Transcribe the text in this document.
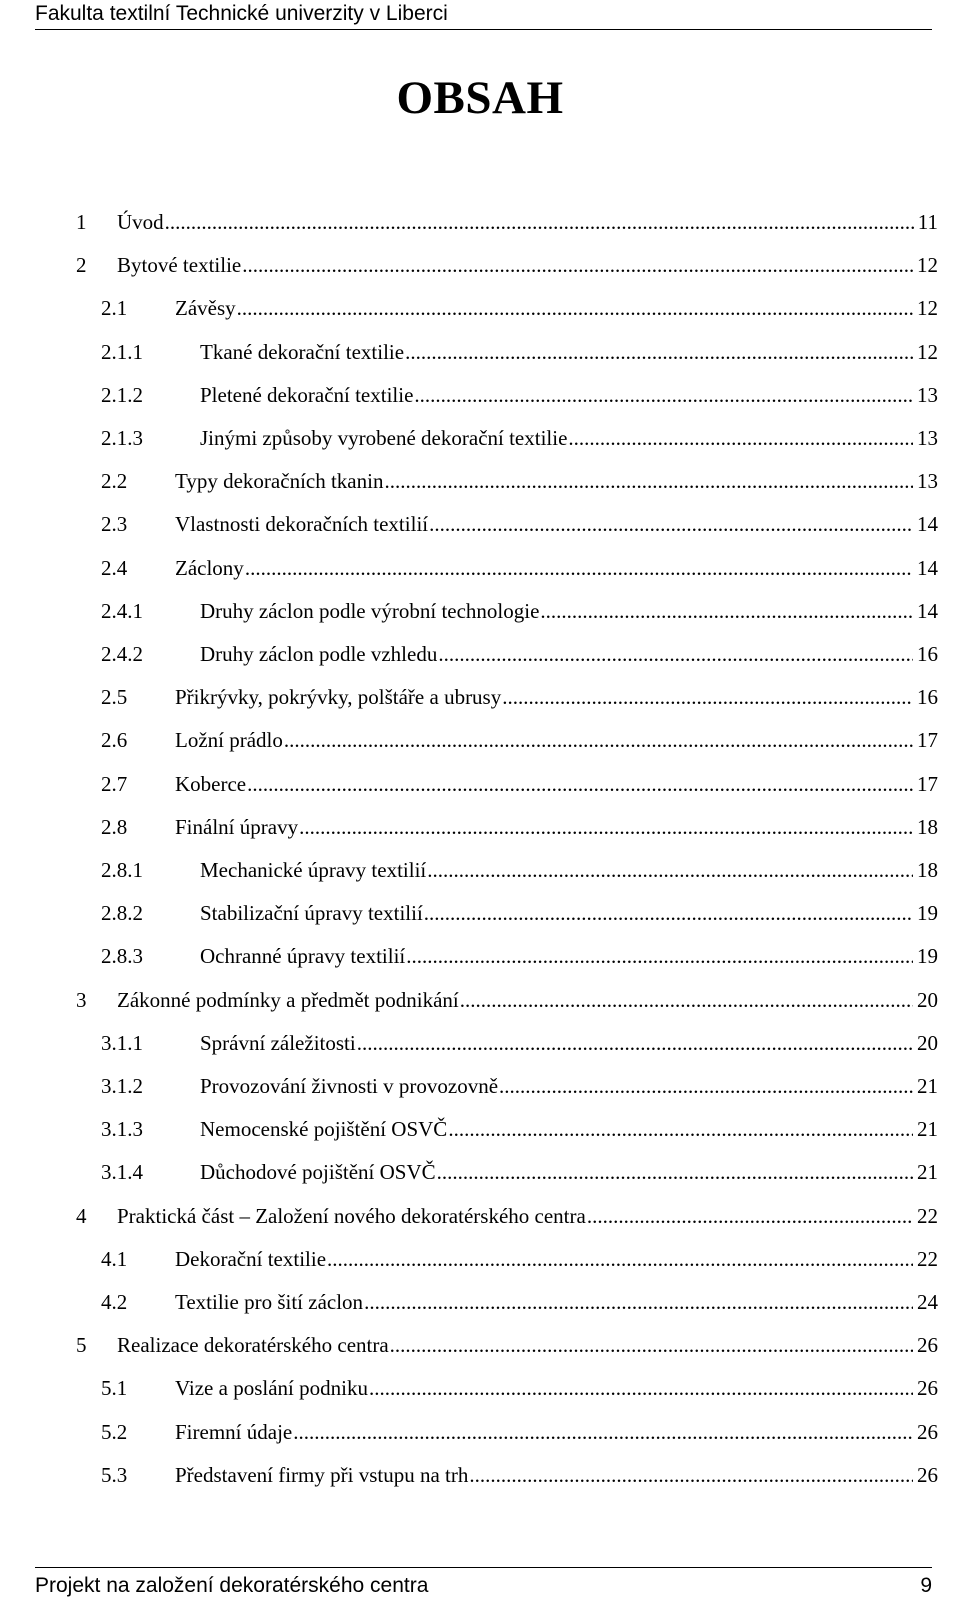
Fakulta textilní Technické univerzity v Liberci
OBSAH
1	Úvod .....	11
2	Bytové textilie .....	12
2.1	Závěsy .....	12
2.1.1	Tkané dekorační textilie .....	12
2.1.2	Pletené dekorační textilie .....	13
2.1.3	Jinými způsoby vyrobené dekorační textilie .....	13
2.2	Typy dekoračních tkanin .....	13
2.3	Vlastnosti dekoračních textilií .....	14
2.4	Záclony .....	14
2.4.1	Druhy záclon podle výrobní technologie .....	14
2.4.2	Druhy záclon podle vzhledu .....	16
2.5	Přikrývky, pokrývky, polštáře a ubrusy .....	16
2.6	Ložní prádlo .....	17
2.7	Koberce .....	17
2.8	Finální úpravy .....	18
2.8.1	Mechanické úpravy textilií .....	18
2.8.2	Stabilizační úpravy textilií .....	19
2.8.3	Ochranné úpravy textilií .....	19
3	Zákonné podmínky a předmět podnikání .....	20
3.1.1	Správní záležitosti .....	20
3.1.2	Provozování živnosti v provozovně .....	21
3.1.3	Nemocenské pojištění OSVČ .....	21
3.1.4	Důchodové pojištění OSVČ .....	21
4	Praktická část – Založení nového dekoratérského centra .....	22
4.1	Dekorační textilie .....	22
4.2	Textilie pro šití záclon .....	24
5	Realizace dekoratérského centra .....	26
5.1	Vize a poslání podniku .....	26
5.2	Firemní údaje .....	26
5.3	Představení firmy při vstupu na trh .....	26
Projekt na založení dekoratérského centra	9
